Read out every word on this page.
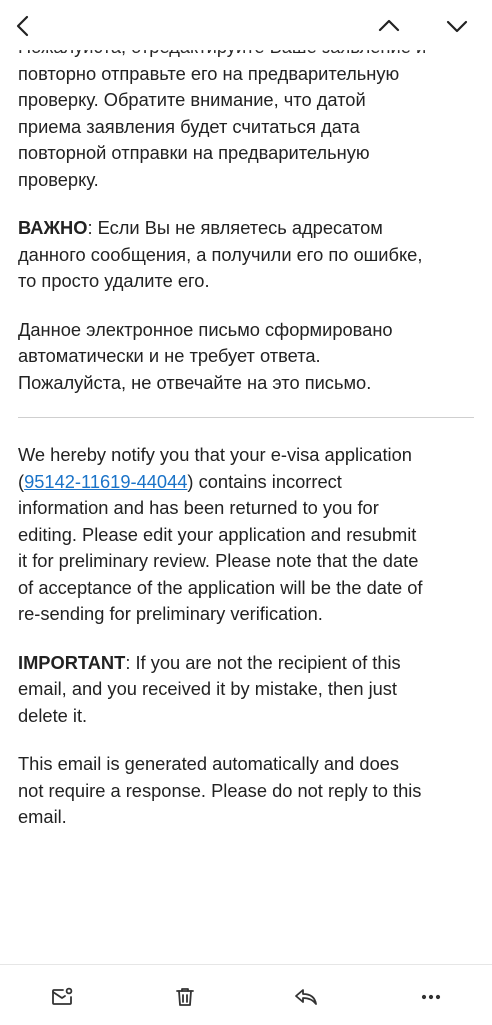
повторно отправьте его на предварительную

проверку. Обратите внимание, что датой

приема заявления будет считаться дата

повторной отправки на предварительную

проверку.

ВАЖНО: Если Вы не являетесь адресатом

данного сообщения, а получили его по ошибке,

то просто удалите его.

Данное электронное письмо сформировано

автоматически и не требует ответа.

Пожалуйста, не отвечайте на это письмо.

We hereby notify you that your e-visa application

(95142-11619-44044) contains incorrect

information and has been returned to you for

editing. Please edit your application and resubmit

it for preliminary review. Please note that the date

of acceptance of the application will be the date of

re-sending for preliminary verification.

IMPORTANT: If you are not the recipient of this

email, and you received it by mistake, then just

delete it.

This email is generated automatically and does

not require a response. Please do not reply to this

email.
